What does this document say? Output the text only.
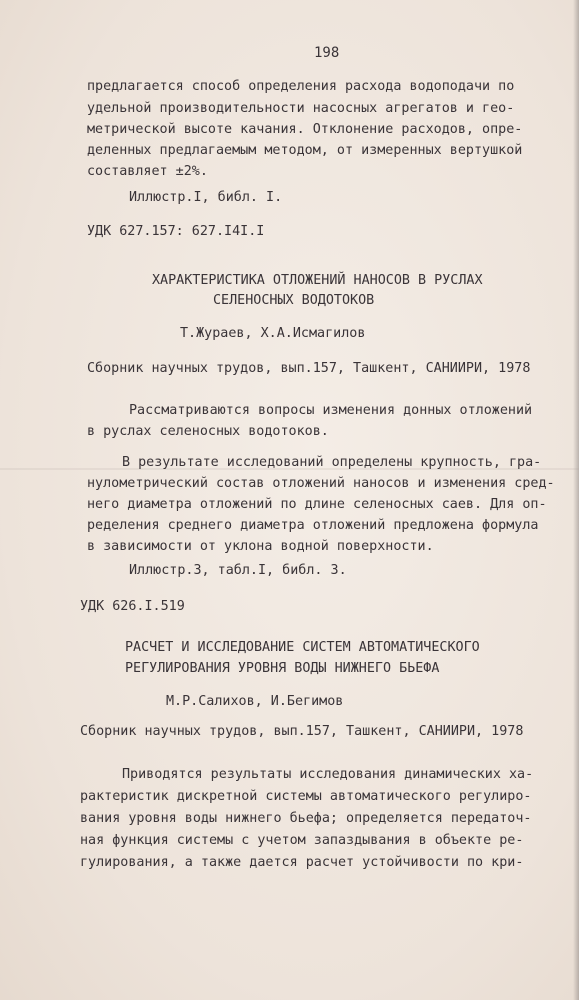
198
предлагается способ определения расхода водоподачи по
удельной производительности насосных агрегатов и гео-
метрической высоте качания. Отклонение расходов, опре-
деленных предлагаемым методом, от измеренных вертушкой
составляет ±2%.
Иллюстр.I, библ. I.
УДК 627.157: 627.I4I.I
ХАРАКТЕРИСТИКА ОТЛОЖЕНИЙ НАНОСОВ В РУСЛАХ
СЕЛЕНОСНЫХ ВОДОТОКОВ
Т.Жураев, Х.А.Исмагилов
Сборник научных трудов, вып.157, Ташкент, САНИИРИ, 1978
Рассматриваются вопросы изменения донных отложений
в руслах селеносных водотоков.
В результате исследований определены крупность, гра-
нулометрический состав отложений наносов и изменения сред-
него диаметра отложений по длине селеносных саев. Для оп-
ределения среднего диаметра отложений предложена формула
в зависимости от уклона водной поверхности.
Иллюстр.3, табл.I, библ. 3.
УДК 626.I.519
РАСЧЕТ И ИССЛЕДОВАНИЕ СИСТЕМ АВТОМАТИЧЕСКОГО
РЕГУЛИРОВАНИЯ УРОВНЯ ВОДЫ НИЖНЕГО БЬЕФА
М.Р.Салихов, И.Бегимов
Сборник научных трудов, вып.157, Ташкент, САНИИРИ, 1978
Приводятся результаты исследования динамических ха-
рактеристик дискретной системы автоматического регулиро-
вания уровня воды нижнего бьефа; определяется передаточ-
ная функция системы с учетом запаздывания в объекте ре-
гулирования, а также дается расчет устойчивости по кри-
